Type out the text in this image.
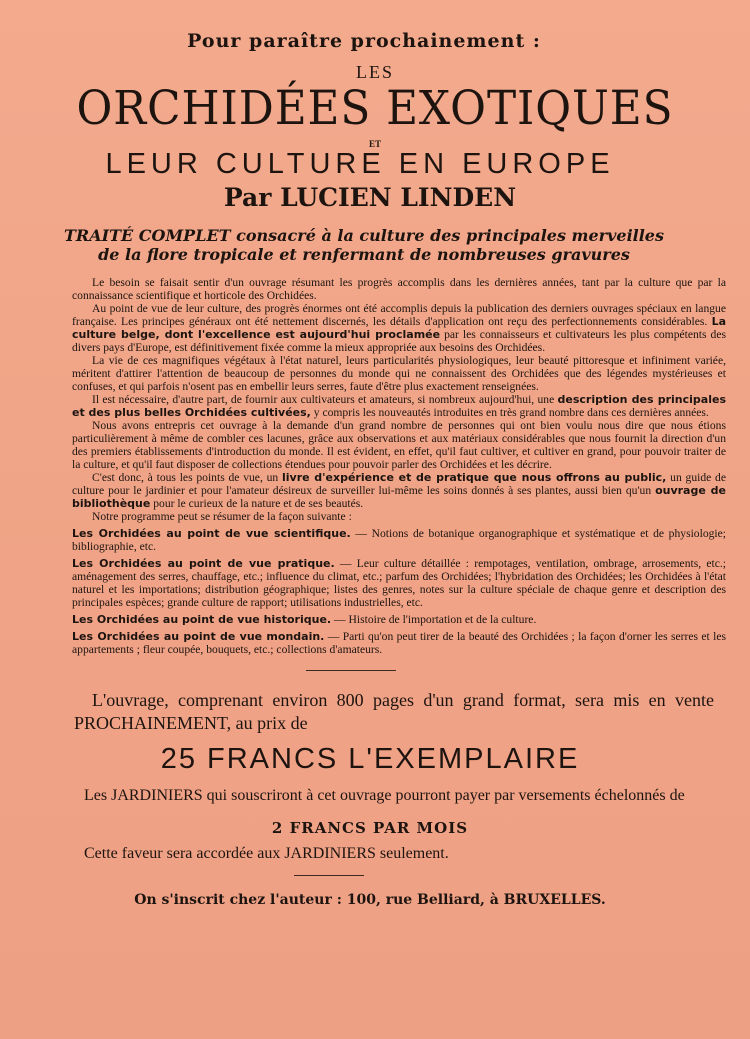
Pour paraître prochainement :
LES
ORCHIDÉES EXOTIQUES
ET
LEUR CULTURE EN EUROPE
Par LUCIEN LINDEN
TRAITÉ COMPLET consacré à la culture des principales merveilles
de la flore tropicale et renfermant de nombreuses gravures

Le besoin se faisait sentir d'un ouvrage résumant les progrès accomplis dans les dernières années, tant par la culture que par la connaissance scientifique et horticole des Orchidées.

Au point de vue de leur culture, des progrès énormes ont été accomplis depuis la publication des derniers ouvrages spéciaux en langue française. Les principes généraux ont été nettement discernés, les détails d'application ont reçu des perfectionnements considérables. La culture belge, dont l'excellence est aujourd'hui proclamée par les connaisseurs et cultivateurs les plus compétents des divers pays d'Europe, est définitivement fixée comme la mieux appropriée aux besoins des Orchidées.

La vie de ces magnifiques végétaux à l'état naturel, leurs particularités physiologiques, leur beauté pittoresque et infiniment variée, méritent d'attirer l'attention de beaucoup de personnes du monde qui ne connaissent des Orchidées que des légendes mystérieuses et confuses, et qui parfois n'osent pas en embellir leurs serres, faute d'être plus exactement renseignées.

Il est nécessaire, d'autre part, de fournir aux cultivateurs et amateurs, si nombreux aujourd'hui, une description des principales et des plus belles Orchidées cultivées, y compris les nouveautés introduites en très grand nombre dans ces dernières années.

Nous avons entrepris cet ouvrage à la demande d'un grand nombre de personnes qui ont bien voulu nous dire que nous étions particulièrement à même de combler ces lacunes, grâce aux observations et aux matériaux considérables que nous fournit la direction d'un des premiers établissements d'introduction du monde. Il est évident, en effet, qu'il faut cultiver, et cultiver en grand, pour pouvoir traiter de la culture, et qu'il faut disposer de collections étendues pour pouvoir parler des Orchidées et les décrire.

C'est donc, à tous les points de vue, un livre d'expérience et de pratique que nous offrons au public, un guide de culture pour le jardinier et pour l'amateur désireux de surveiller lui-même les soins donnés à ses plantes, aussi bien qu'un ouvrage de bibliothèque pour le curieux de la nature et de ses beautés.

Notre programme peut se résumer de la façon suivante :

Les Orchidées au point de vue scientifique. — Notions de botanique organographique et systématique et de physiologie; bibliographie, etc.

Les Orchidées au point de vue pratique. — Leur culture détaillée : rempotages, ventilation, ombrage, arrosements, etc.; aménagement des serres, chauffage, etc.; influence du climat, etc.; parfum des Orchidées; l'hybridation des Orchidées; les Orchidées à l'état naturel et les importations; distribution géographique; listes des genres, notes sur la culture spéciale de chaque genre et description des principales espèces; grande culture de rapport; utilisations industrielles, etc.

Les Orchidées au point de vue historique. — Histoire de l'importation et de la culture.

Les Orchidées au point de vue mondain. — Parti qu'on peut tirer de la beauté des Orchidées ; la façon d'orner les serres et les appartements ; fleur coupée, bouquets, etc.; collections d'amateurs.

L'ouvrage, comprenant environ 800 pages d'un grand format, sera mis en vente PROCHAINEMENT, au prix de

25 FRANCS L'EXEMPLAIRE

Les JARDINIERS qui souscriront à cet ouvrage pourront payer par versements échelonnés de

2 FRANCS PAR MOIS
Cette faveur sera accordée aux JARDINIERS seulement.
On s'inscrit chez l'auteur : 100, rue Belliard, à BRUXELLES.
